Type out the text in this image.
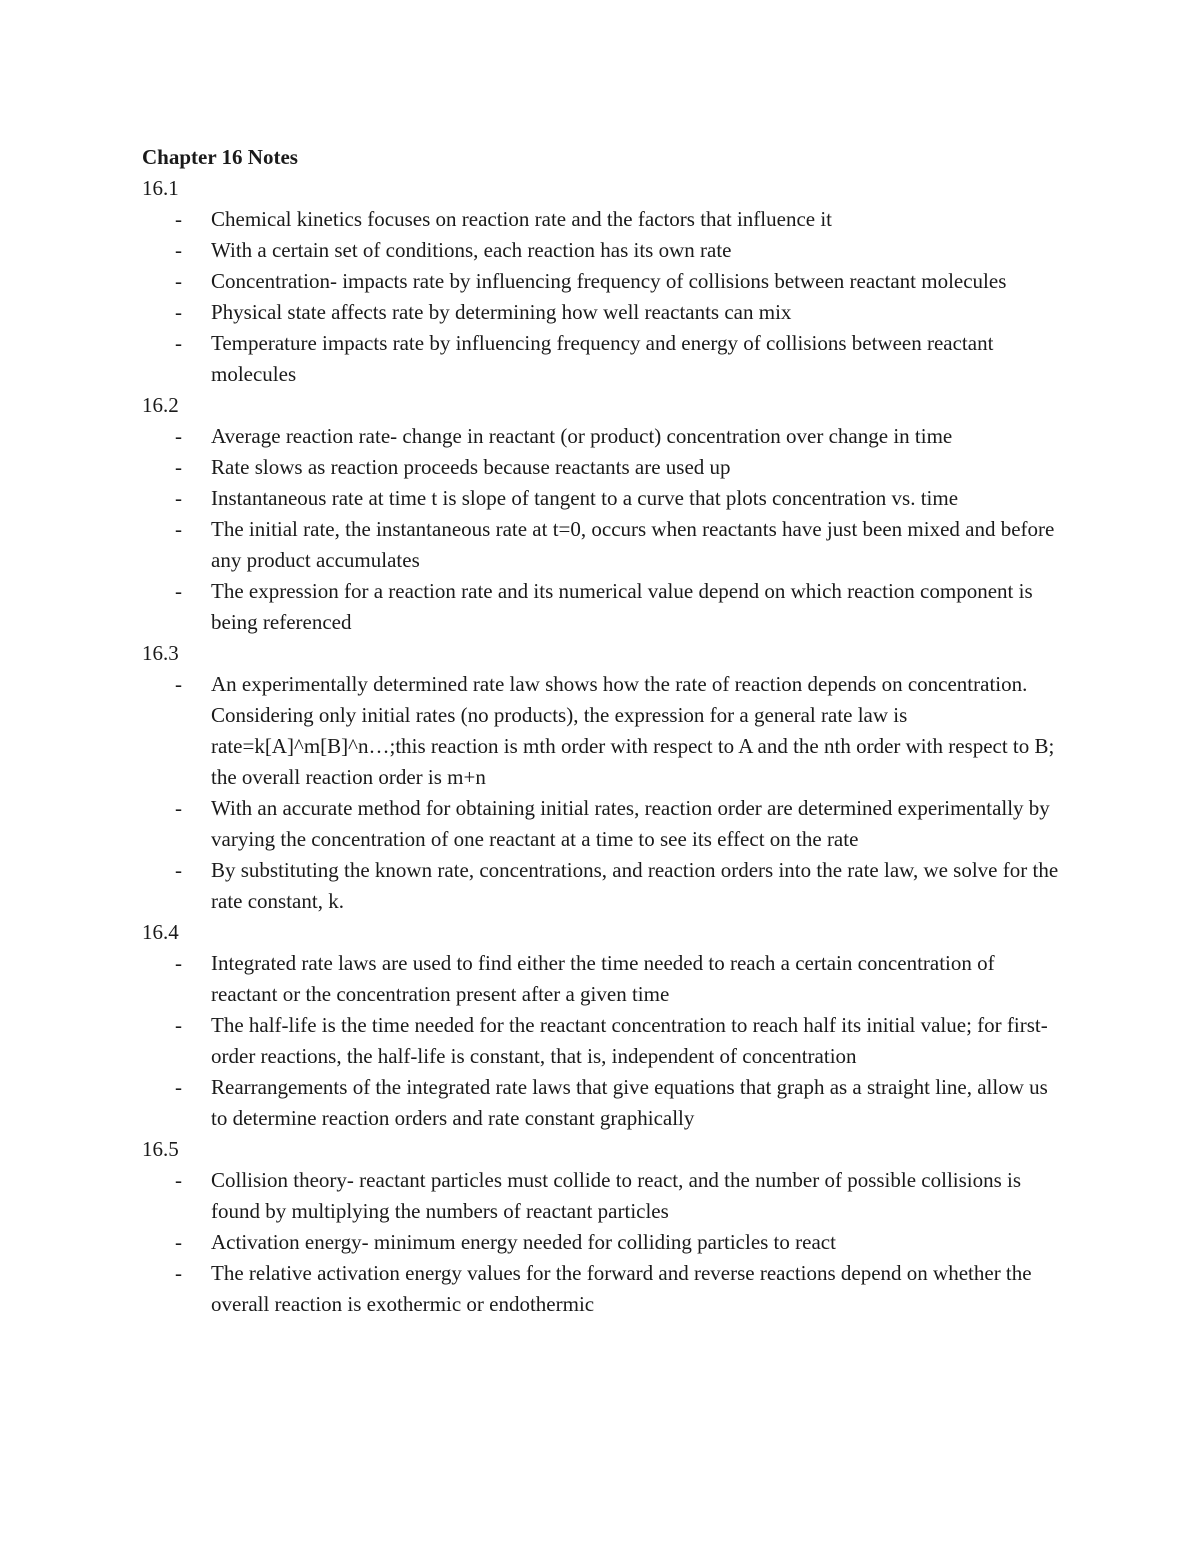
Chapter 16 Notes
16.1
- Chemical kinetics focuses on reaction rate and the factors that influence it
- With a certain set of conditions, each reaction has its own rate
- Concentration- impacts rate by influencing frequency of collisions between reactant molecules
- Physical state affects rate by determining how well reactants can mix
- Temperature impacts rate by influencing frequency and energy of collisions between reactant molecules
16.2
- Average reaction rate- change in reactant (or product) concentration over change in time
- Rate slows as reaction proceeds because reactants are used up
- Instantaneous rate at time t is slope of tangent to a curve that plots concentration vs. time
- The initial rate, the instantaneous rate at t=0, occurs when reactants have just been mixed and before any product accumulates
- The expression for a reaction rate and its numerical value depend on which reaction component is being referenced
16.3
- An experimentally determined rate law shows how the rate of reaction depends on concentration. Considering only initial rates (no products), the expression for a general rate law is rate=k[A]^m[B]^n…;this reaction is mth order with respect to A and the nth order with respect to B; the overall reaction order is m+n
- With an accurate method for obtaining initial rates, reaction order are determined experimentally by varying the concentration of one reactant at a time to see its effect on the rate
- By substituting the known rate, concentrations, and reaction orders into the rate law, we solve for the rate constant, k.
16.4
- Integrated rate laws are used to find either the time needed to reach a certain concentration of reactant or the concentration present after a given time
- The half-life is the time needed for the reactant concentration to reach half its initial value; for first-order reactions, the half-life is constant, that is, independent of concentration
- Rearrangements of the integrated rate laws that give equations that graph as a straight line, allow us to determine reaction orders and rate constant graphically
16.5
- Collision theory- reactant particles must collide to react, and the number of possible collisions is found by multiplying the numbers of reactant particles
- Activation energy- minimum energy needed for colliding particles to react
- The relative activation energy values for the forward and reverse reactions depend on whether the overall reaction is exothermic or endothermic
